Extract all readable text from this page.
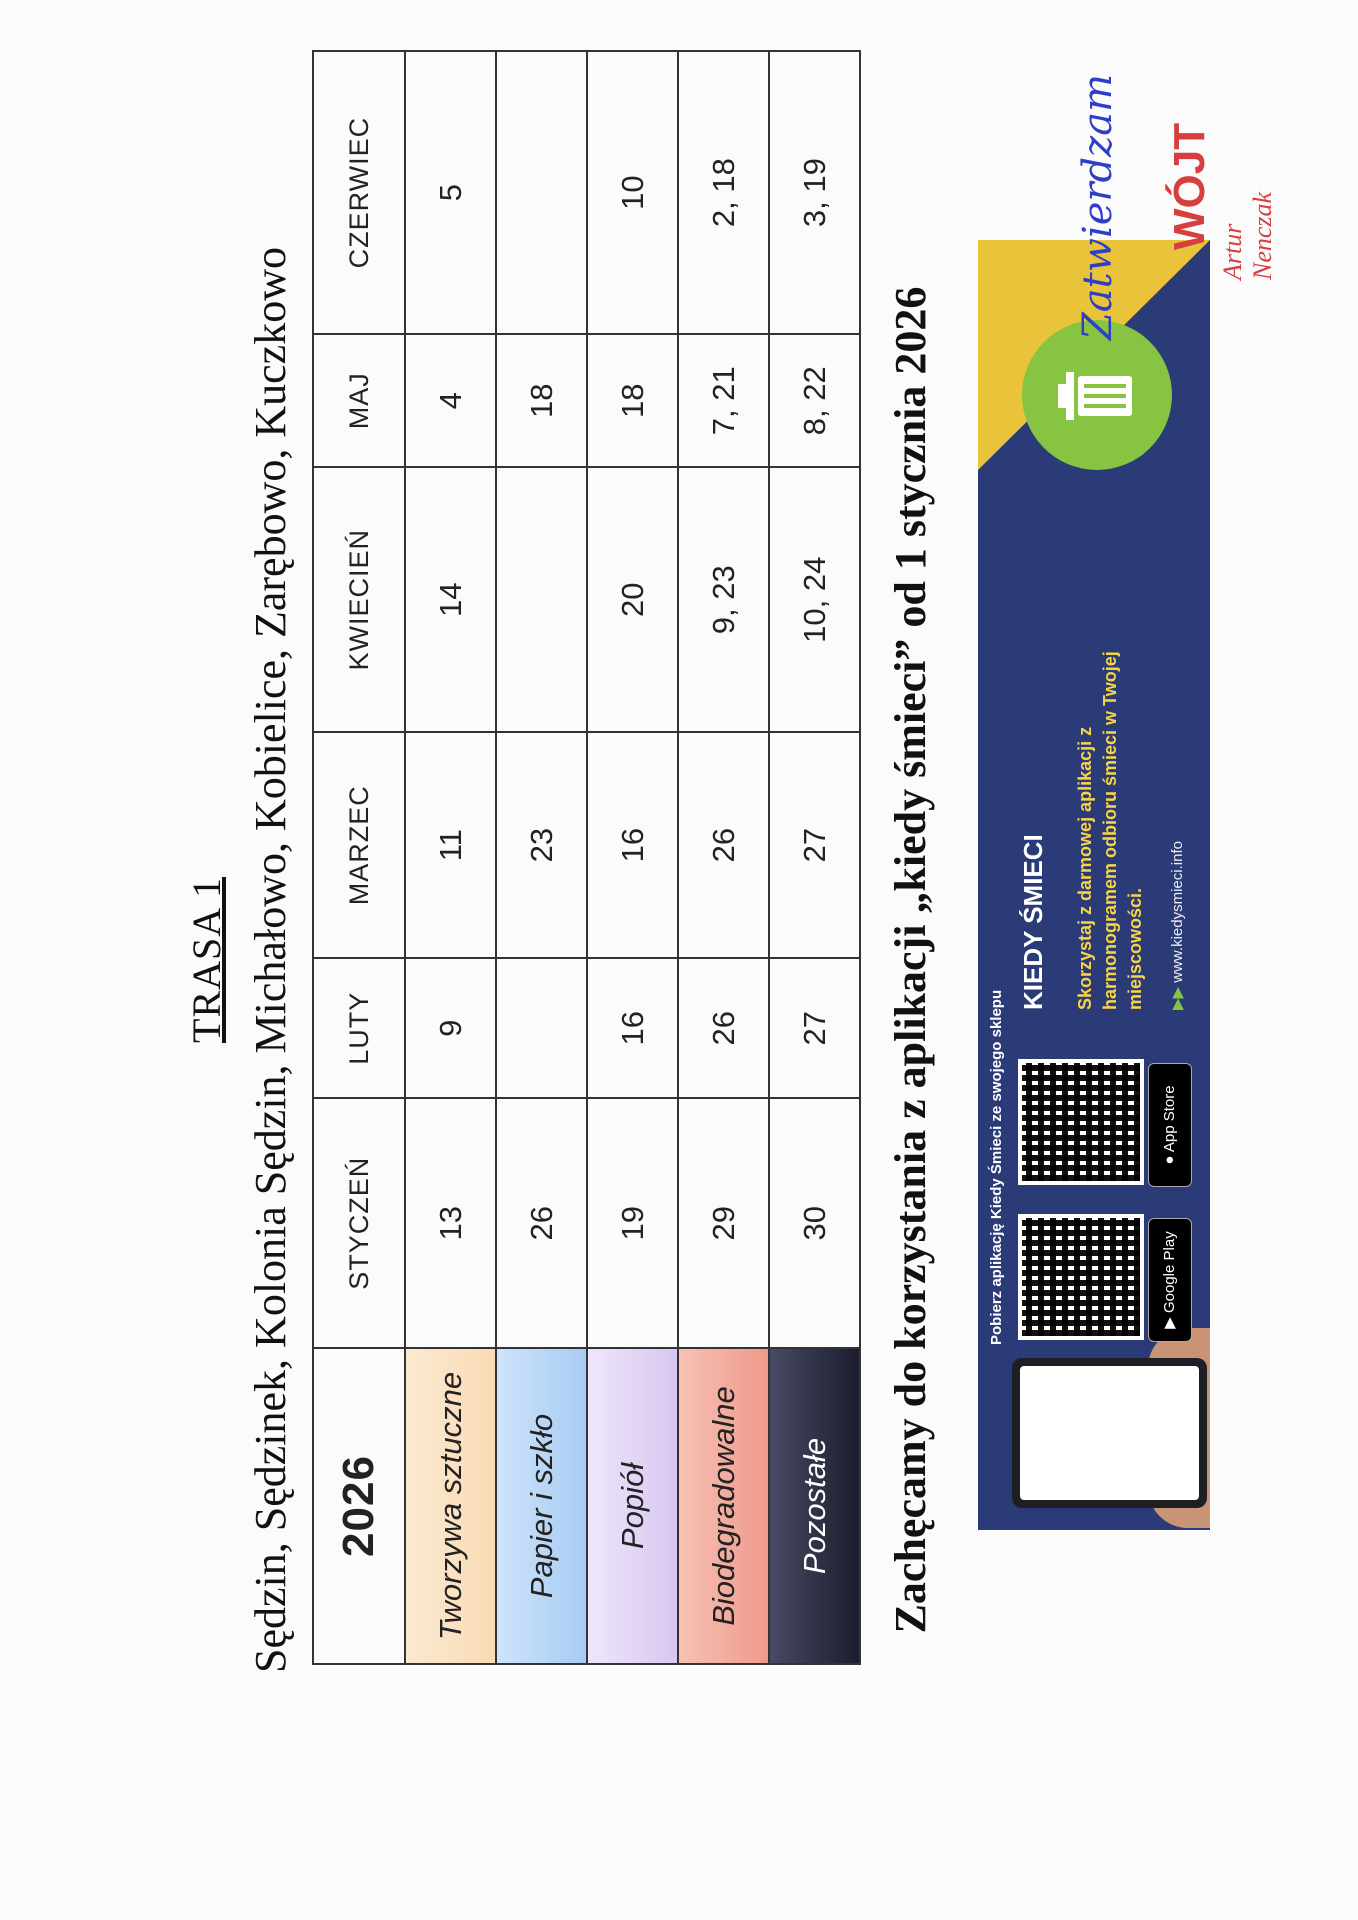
TRASA 1 Sędzin, Sędzinek, Kolonia Sędzin, Michałowo, Kobielice, Zarębowo, Kuczkowo 2026	STYCZEŃ	LUTY	MARZEC	KWIECIEŃ	MAJ	CZERWIEC
Tworzywa sztuczne	13	9	11	14	4	5
Papier i szkło	26		23		18	
Popiół	19	16	16	20	18	10
Biodegradowalne	29	26	26	9, 23	7, 21	2, 18
Pozostałe	30	27	27	10, 24	8, 22	3, 19
Zachęcamy do korzystania z aplikacji „kiedy śmieci” od 1 stycznia 2026	Pobierz aplikację Kiedy Śmieci ze swojego sklepu	▶ Google Play
● App Store
KIEDY ŚMIECI Skorzystaj z darmowej aplikacji z harmonogramem odbioru śmieci w Twojej miejscowości. ▶▶ www.kiedysmieci.info
Zatwierdzam WÓJT
Artur Nenczak
